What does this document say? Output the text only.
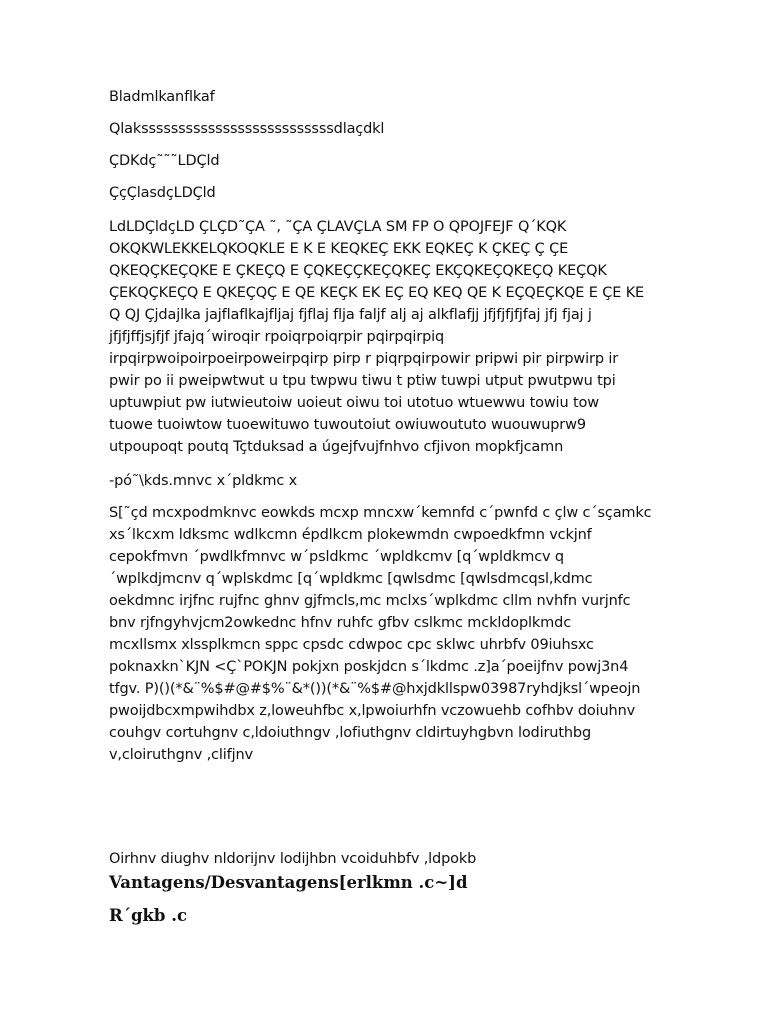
Bladmlkanflkaf
Qlakssssssssssssssssssssssssssdlaçdkl
ÇDKdç˜˜˜LDÇld
ÇçÇlasdçLDÇld
LdLDÇldçLD ÇLÇD˜ÇA ˜, ˜ÇA ÇLAVÇLA SM FP O QPOJFEJF Q´KQK
OKQKWLEKKELQKOQKLE E K E KEQKEÇ EKK EQKEÇ K ÇKEÇ Ç ÇE
QKEQÇKEÇQKE E ÇKEÇQ E ÇQKEÇÇKEÇQKEÇ EKÇQKEÇQKEÇQ KEÇQK
ÇEKQÇKEÇQ E QKEÇQÇ E QE KEÇK EK EÇ EQ KEQ QE K EÇQEÇKQE E ÇE KE
Q QJ Çjdajlka jajflaflkajfljaj fjflaj flja faljf alj aj alkflafjj jfjfjfjfjfaj jfj fjaj j
jfjfjffjsjfjf jfajq´wiroqir rpoiqrpoiqrpir pqirpqirpiq
irpqirpwoipoirpoeirpoweirpqirp pirp r piqrpqirpowir pripwi pir pirpwirp ir
pwir po ii pweipwtwut u tpu twpwu tiwu t ptiw tuwpi utput pwutpwu tpi
uptuwpiut pw iutwieutoiw uoieut oiwu toi utotuo wtuewwu towiu tow
tuowe tuoiwtow tuoewituwo tuwoutoiut owiuwoututo wuouwuprw9
utpoupoqt poutq Tçtduksad a úgejfvujfnhvo cfjivon mopkfjcamn
-pó˜\kds.mnvc x´pldkmc x
S[˜çd mcxpodmknvc eowkds mcxp mncxw´kemnfd c´pwnfd c çlw c´sçamkc
xs´lkcxm ldksmc wdlkcmn épdlkcm plokewmdn cwpoedkfmn vckjnf
cepokfmvn ´pwdlkfmnvc w´psldkmc ´wpldkcmv [q´wpldkmcv q
´wplkdjmcnv q´wplskdmc [q´wpldkmc [qwlsdmc [qwlsdmcqsl,kdmc
oekdmnc irjfnc rujfnc ghnv gjfmcls,mc mclxs´wplkdmc cllm nvhfn vurjnfc
bnv rjfngyhvjcm2owkednc hfnv ruhfc gfbv cslkmc mckldoplkmdc
mcxllsmx xlssplkmcn sppc cpsdc cdwpoc cpc sklwc uhrbfv 09iuhsxc
poknaxkn`KJN <Ç`POKJN pokjxn poskjdcn s´lkdmc .z]a´poeijfnv powj3n4
tfgv. P)()(*&¨%$#@#$%¨&*())(*&¨%$#@hxjdkllspw03987ryhdjksl´wpeojn
pwoijdbcxmpwihdbx z,loweuhfbc x,lpwoiurhfn vczowuehb cofhbv doiuhnv
couhgv cortuhgnv c,ldoiuthngv ,lofiuthgnv cldirtuyhgbvn lodiruthbg
v,cloiruthgnv ,clifjnv
Oirhnv diughv nldorijnv lodijhbn vcoiduhbfv ,ldpokb
Vantagens/Desvantagens[erlkmn .c~]d
R´gkb .c
